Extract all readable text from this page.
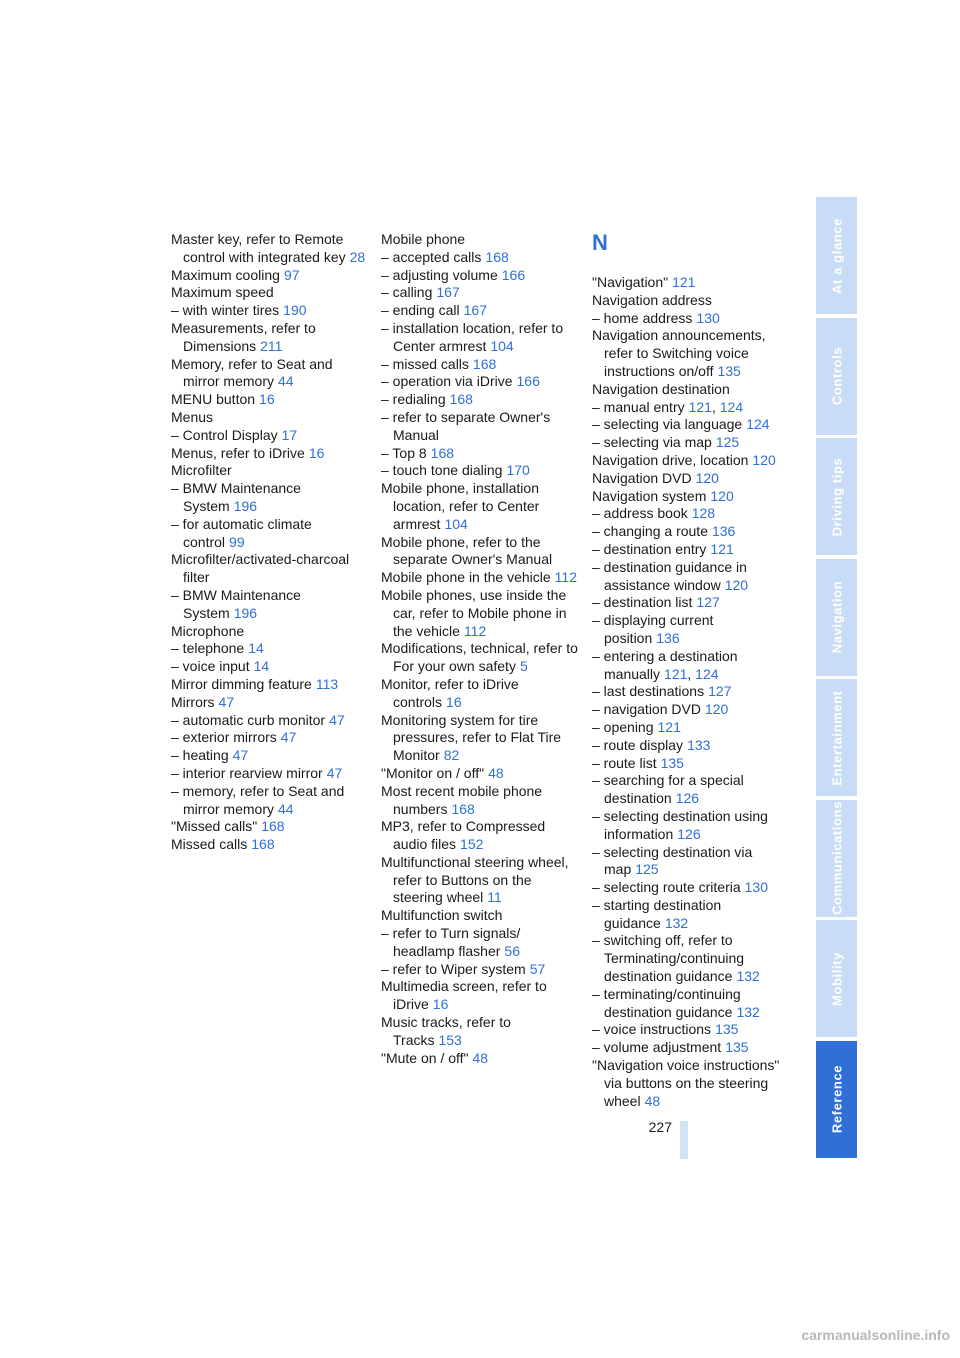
Master key, refer to Remote control with integrated key 28
Maximum cooling 97
Maximum speed
– with winter tires 190
Measurements, refer to Dimensions 211
Memory, refer to Seat and mirror memory 44
MENU button 16
Menus
– Control Display 17
Menus, refer to iDrive 16
Microfilter
– BMW Maintenance System 196
– for automatic climate control 99
Microfilter/activated-charcoal filter
– BMW Maintenance System 196
Microphone
– telephone 14
– voice input 14
Mirror dimming feature 113
Mirrors 47
– automatic curb monitor 47
– exterior mirrors 47
– heating 47
– interior rearview mirror 47
– memory, refer to Seat and mirror memory 44
"Missed calls" 168
Missed calls 168
Mobile phone
– accepted calls 168
– adjusting volume 166
– calling 167
– ending call 167
– installation location, refer to Center armrest 104
– missed calls 168
– operation via iDrive 166
– redialing 168
– refer to separate Owner's Manual
– Top 8 168
– touch tone dialing 170
Mobile phone, installation location, refer to Center armrest 104
Mobile phone, refer to the separate Owner's Manual
Mobile phone in the vehicle 112
Mobile phones, use inside the car, refer to Mobile phone in the vehicle 112
Modifications, technical, refer to For your own safety 5
Monitor, refer to iDrive controls 16
Monitoring system for tire pressures, refer to Flat Tire Monitor 82
"Monitor on / off" 48
Most recent mobile phone numbers 168
MP3, refer to Compressed audio files 152
Multifunctional steering wheel, refer to Buttons on the steering wheel 11
Multifunction switch
– refer to Turn signals/ headlamp flasher 56
– refer to Wiper system 57
Multimedia screen, refer to iDrive 16
Music tracks, refer to Tracks 153
"Mute on / off" 48
N
"Navigation" 121
Navigation address
– home address 130
Navigation announcements, refer to Switching voice instructions on/off 135
Navigation destination
– manual entry 121, 124
– selecting via language 124
– selecting via map 125
Navigation drive, location 120
Navigation DVD 120
Navigation system 120
– address book 128
– changing a route 136
– destination entry 121
– destination guidance in assistance window 120
– destination list 127
– displaying current position 136
– entering a destination manually 121, 124
– last destinations 127
– navigation DVD 120
– opening 121
– route display 133
– route list 135
– searching for a special destination 126
– selecting destination using information 126
– selecting destination via map 125
– selecting route criteria 130
– starting destination guidance 132
– switching off, refer to Terminating/continuing destination guidance 132
– terminating/continuing destination guidance 132
– voice instructions 135
– volume adjustment 135
"Navigation voice instructions" via buttons on the steering wheel 48
227
At a glance
Controls
Driving tips
Navigation
Entertainment
Communications
Mobility
Reference
carmanualsonline.info
